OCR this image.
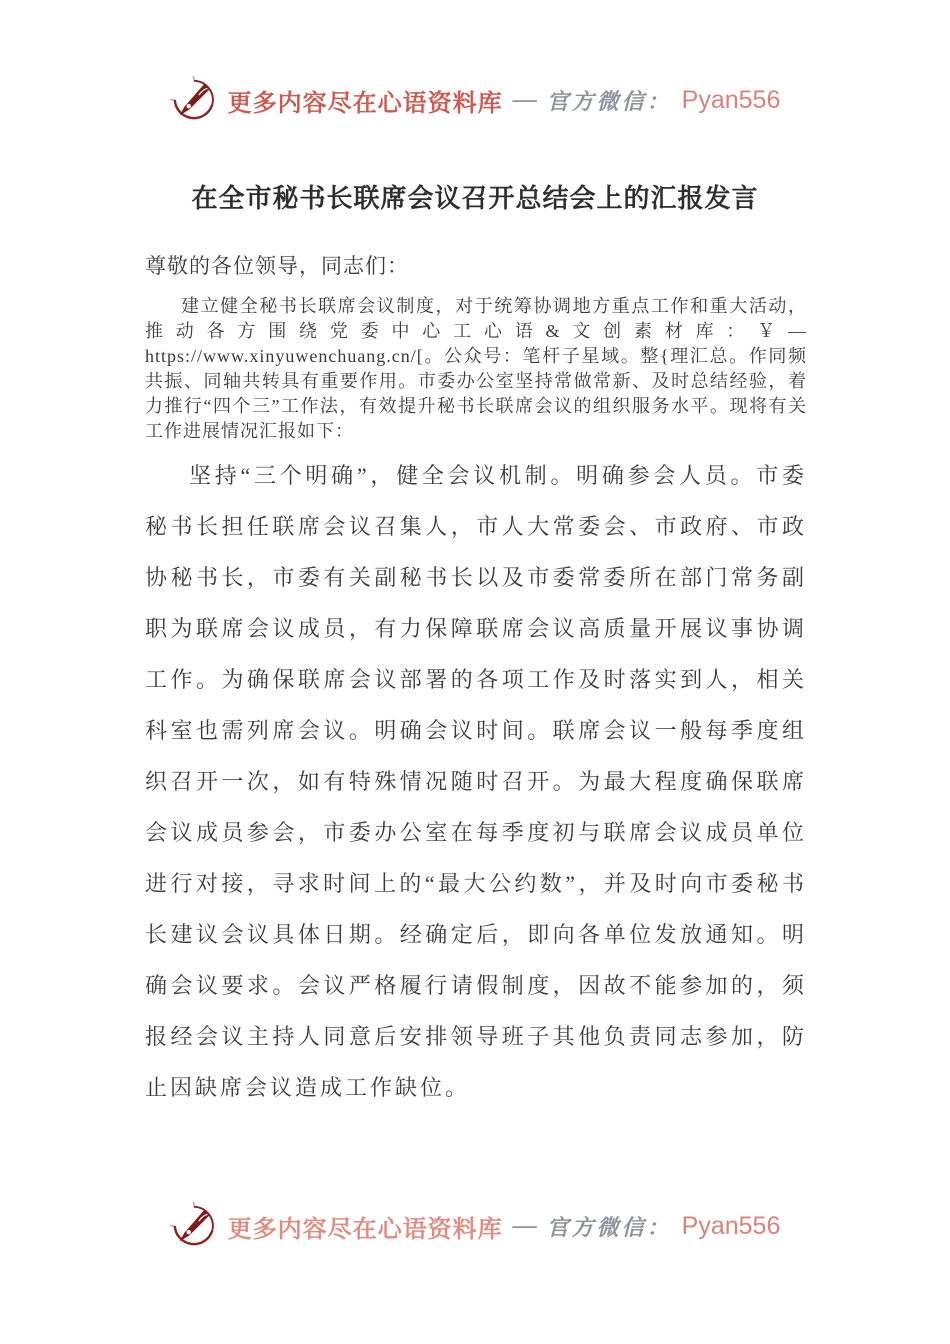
更多内容尽在心语资料库 — 官方微信： Pyan556
在全市秘书长联席会议召开总结会上的汇报发言

尊敬的各位领导，同志们：

建立健全秘书长联席会议制度，对于统筹协调地方重点工作和重大活动，推动各方围绕党委中心工心语&文创素材库：￥—https://www.xinyuwenchuang.cn/[。公众号：笔杆子星域。整{理汇总。作同频共振、同轴共转具有重要作用。市委办公室坚持常做常新、及时总结经验，着力推行“四个三”工作法，有效提升秘书长联席会议的组织服务水平。现将有关工作进展情况汇报如下：

坚持“三个明确”，健全会议机制。明确参会人员。市委秘书长担任联席会议召集人，市人大常委会、市政府、市政协秘书长，市委有关副秘书长以及市委常委所在部门常务副职为联席会议成员，有力保障联席会议高质量开展议事协调工作。为确保联席会议部署的各项工作及时落实到人，相关科室也需列席会议。明确会议时间。联席会议一般每季度组织召开一次，如有特殊情况随时召开。为最大程度确保联席会议成员参会，市委办公室在每季度初与联席会议成员单位进行对接，寻求时间上的“最大公约数”，并及时向市委秘书长建议会议具体日期。经确定后，即向各单位发放通知。明确会议要求。会议严格履行请假制度，因故不能参加的，须报经会议主持人同意后安排领导班子其他负责同志参加，防止因缺席会议造成工作缺位。

更多内容尽在心语资料库 — 官方微信： Pyan556
